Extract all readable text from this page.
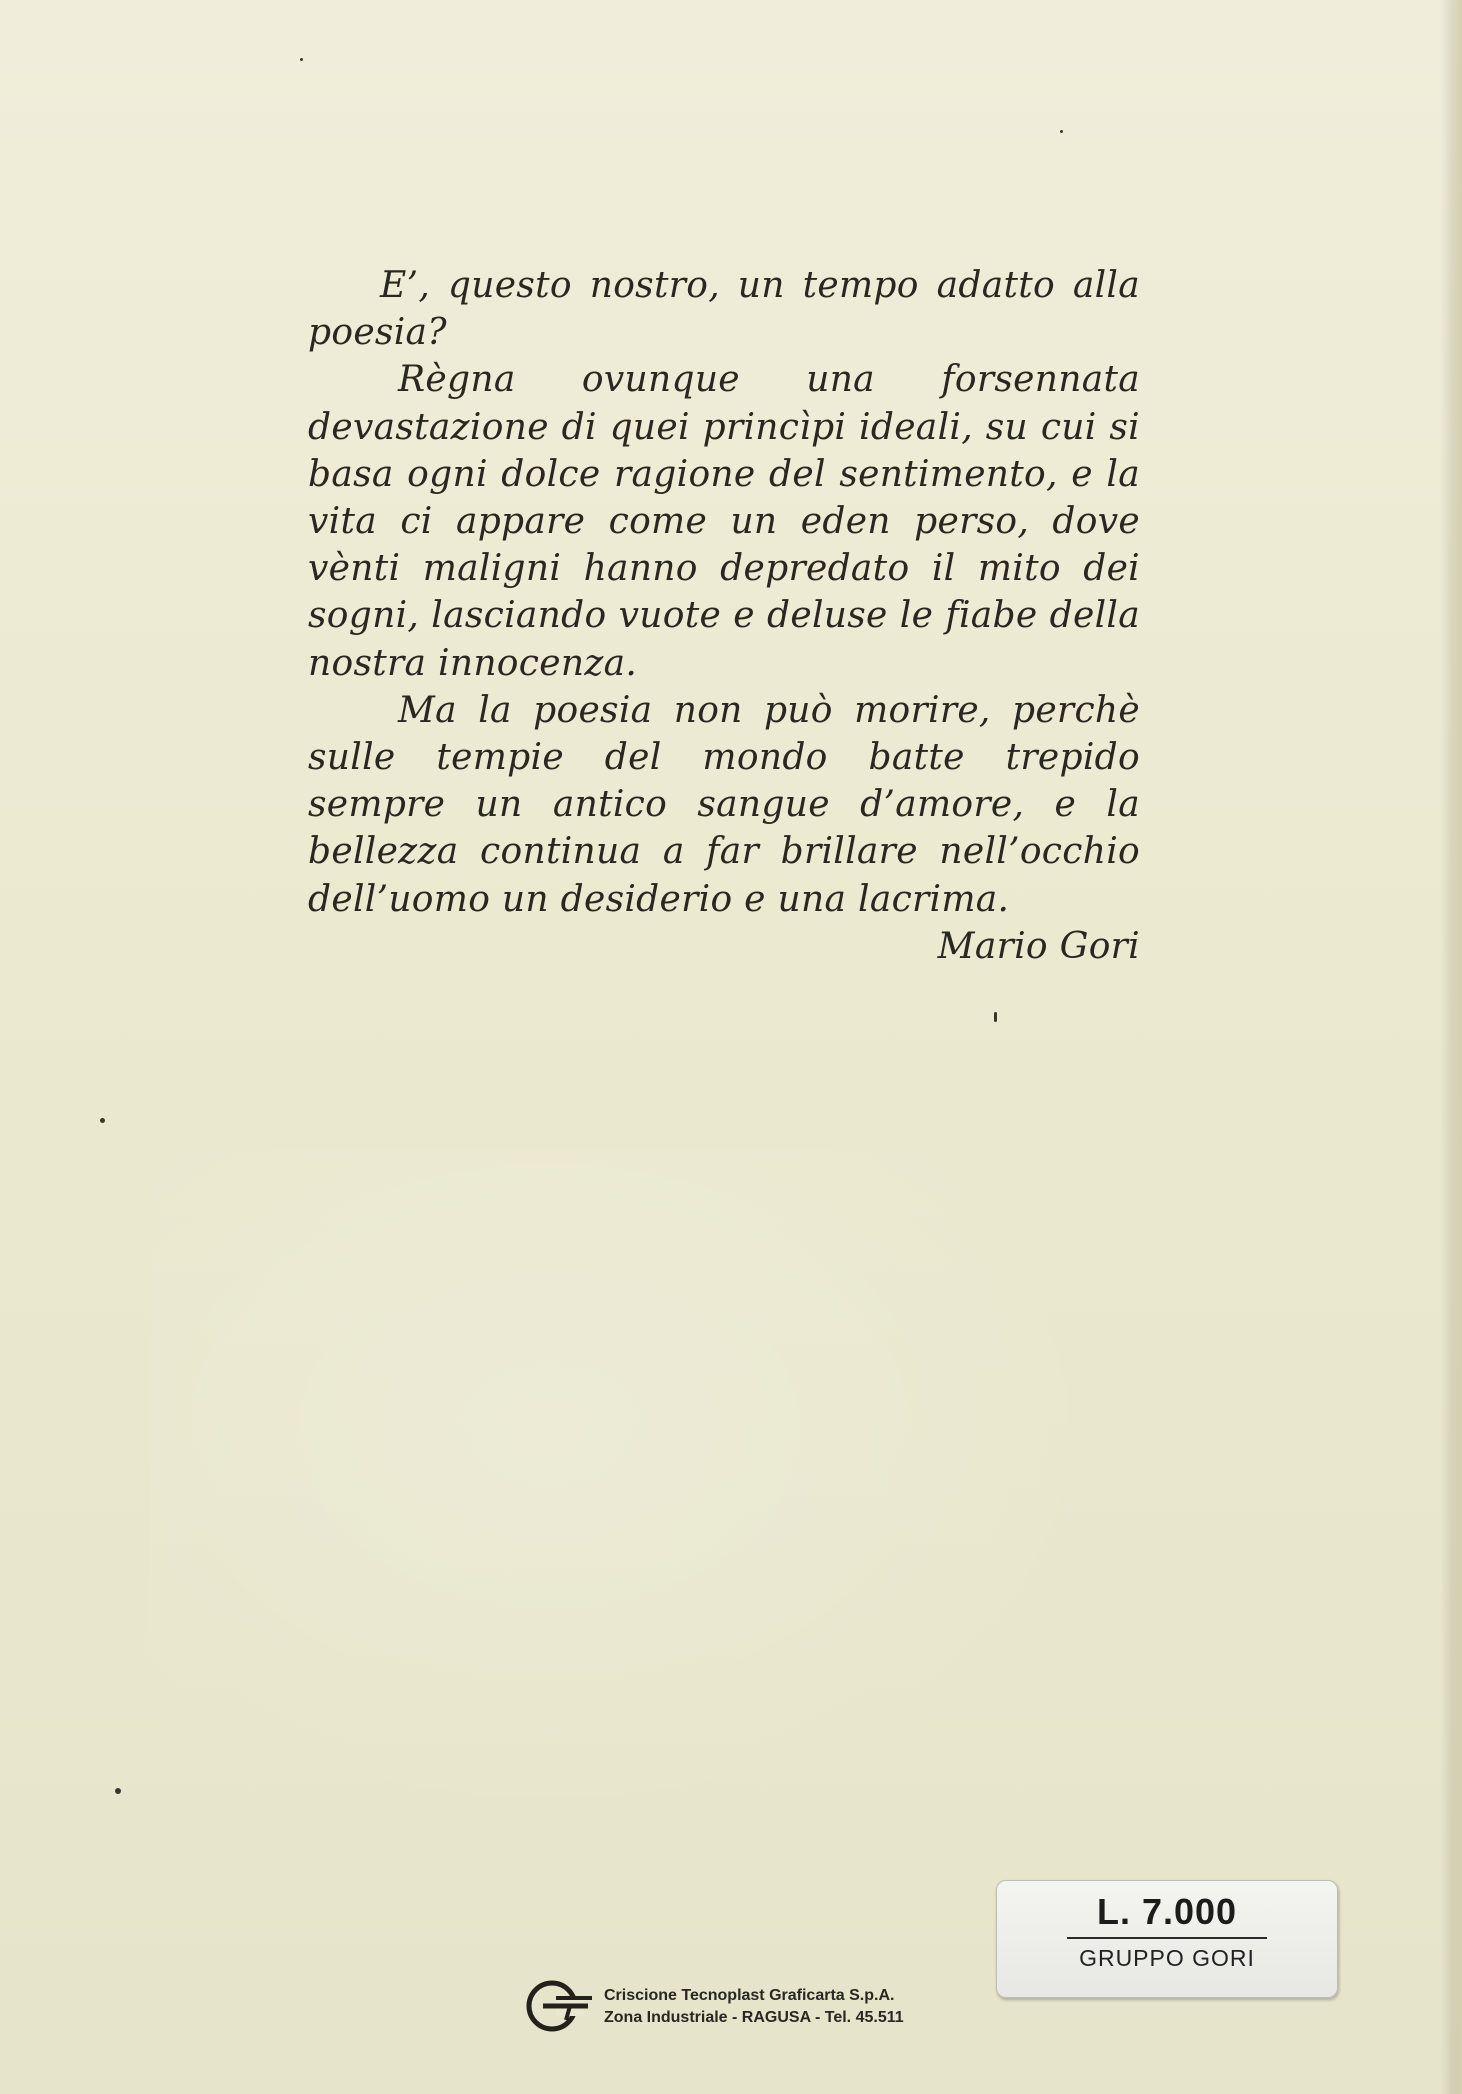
E’, questo nostro, un tempo adatto alla poesia?

Règna ovunque una forsennata devastazione di quei princìpi ideali, su cui si basa ogni dolce ragione del sentimento, e la vita ci appare come un eden perso, dove vènti maligni hanno depredato il mito dei sogni, lasciando vuote e deluse le fiabe della nostra innocenza.

Ma la poesia non può morire, perchè sulle tempie del mondo batte trepido sempre un antico sangue d’amore, e la bellezza continua a far brillare nell’occhio dell’uomo un desiderio e una lacrima.

Mario Gori

L. 7.000
GRUPPO GORI
Criscione Tecnoplast Graficarta S.p.A.
Zona Industriale - RAGUSA - Tel. 45.511
